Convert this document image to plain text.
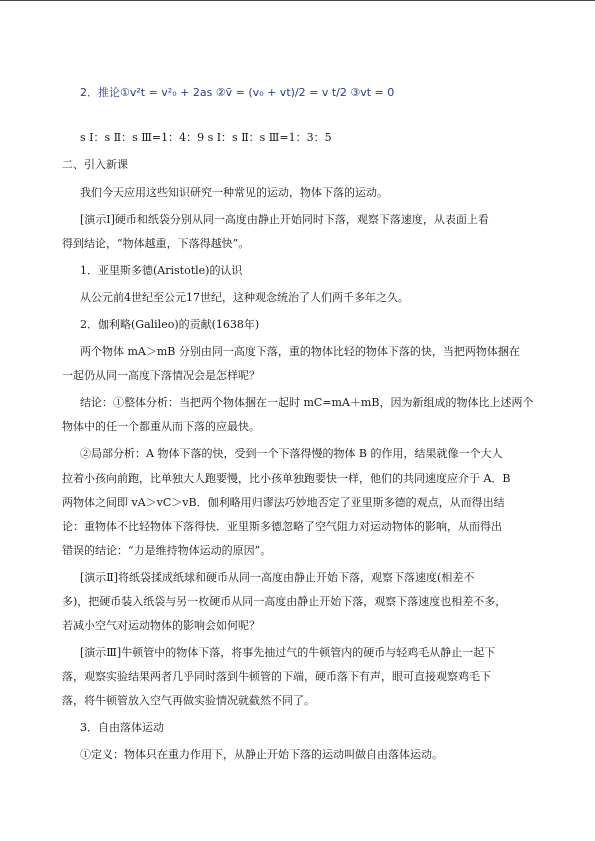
2．推论①v²t = v²₀ + 2as ②v̄ = (v₀ + vt)/2 = v t/2 ③vt = 0
s Ⅰ：s Ⅱ：s Ⅲ=1：4：9 s Ⅰ：s Ⅱ：s Ⅲ=1：3：5
二、引入新课
我们今天应用这些知识研究一种常见的运动，物体下落的运动。
[演示Ⅰ]硬币和纸袋分别从同一高度由静止开始同时下落，观察下落速度，从表面上看
得到结论，“物体越重，下落得越快”。
1．亚里斯多德(Aristotle)的认识
从公元前4世纪至公元17世纪，这种观念统治了人们两千多年之久。
2．伽利略(Galileo)的贡献(1638年)
两个物体 mA＞mB 分别由同一高度下落，重的物体比轻的物体下落的快，当把两物体捆在
一起仍从同一高度下落情况会是怎样呢？
结论：①整体分析：当把两个物体捆在一起时 mC=mA＋mB，因为新组成的物体比上述两个
物体中的任一个都重从而下落的应最快。
②局部分析：A 物体下落的快，受到一个下落得慢的物体 B 的作用，结果就像一个大人
拉着小孩向前跑，比单独大人跑要慢，比小孩单独跑要快一样，他们的共同速度应介于 A．B
两物体之间即 vA＞vC＞vB．伽利略用归谬法巧妙地否定了亚里斯多德的观点，从而得出结
论：重物体不比轻物体下落得快．亚里斯多德忽略了空气阻力对运动物体的影响，从而得出
错误的结论：“力是维持物体运动的原因”。
[演示Ⅱ]将纸袋揉成纸球和硬币从同一高度由静止开始下落，观察下落速度(相差不
多)，把硬币装入纸袋与另一枚硬币从同一高度由静止开始下落，观察下落速度也相差不多，
若减小空气对运动物体的影响会如何呢？
[演示Ⅲ]牛顿管中的物体下落，将事先抽过气的牛顿管内的硬币与轻鸡毛从静止一起下
落，观察实验结果两者几乎同时落到牛顿管的下端，硬币落下有声，眼可直接观察鸡毛下
落，将牛顿管放入空气再做实验情况就截然不同了。
3．自由落体运动
①定义：物体只在重力作用下，从静止开始下落的运动叫做自由落体运动。
